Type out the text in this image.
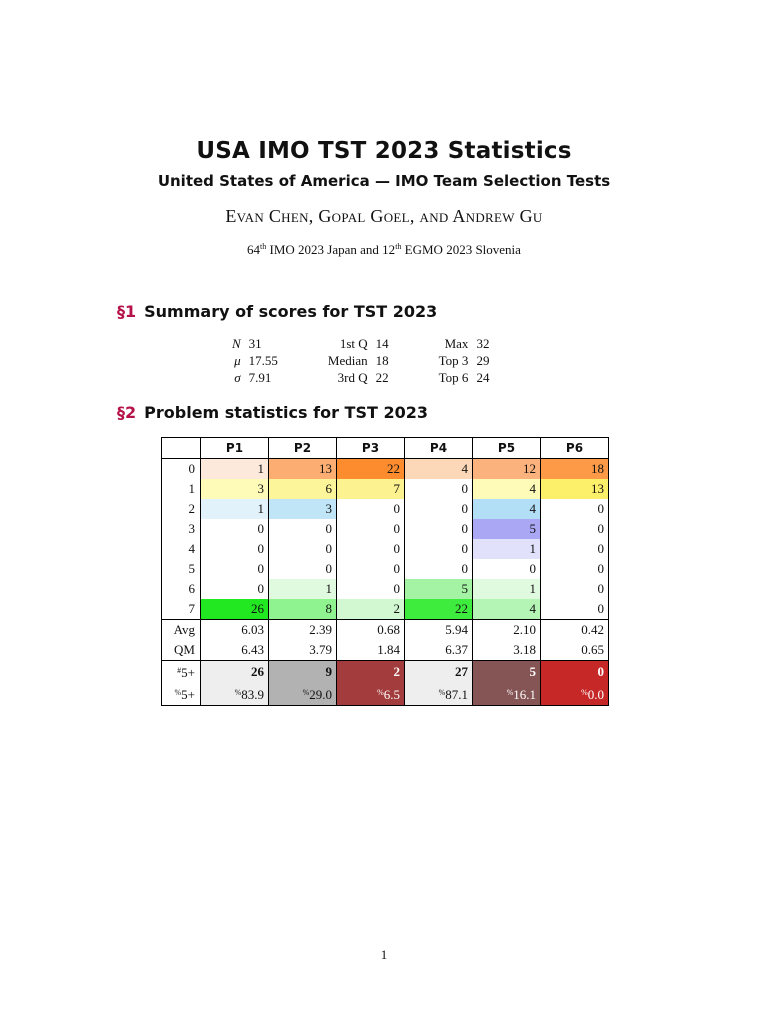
USA IMO TST 2023 Statistics
United States of America — IMO Team Selection Tests
Evan Chen, Gopal Goel, and Andrew Gu
64th IMO 2023 Japan and 12th EGMO 2023 Slovenia
§1 Summary of scores for TST 2023
N	31		1st Q	14		Max	32
μ	17.55		Median	18		Top 3	29
σ	7.91		3rd Q	22		Top 6	24
§2 Problem statistics for TST 2023
	P1	P2	P3	P4	P5	P6
0	1	13	22	4	12	18
1	3	6	7	0	4	13
2	1	3	0	0	4	0
3	0	0	0	0	5	0
4	0	0	0	0	1	0
5	0	0	0	0	0	0
6	0	1	0	5	1	0
7	26	8	2	22	4	0
Avg	6.03	2.39	0.68	5.94	2.10	0.42
QM	6.43	3.79	1.84	6.37	3.18	0.65
#5+	26	9	2	27	5	0
%5+	%83.9	%29.0	%6.5	%87.1	%16.1	%0.0
1
